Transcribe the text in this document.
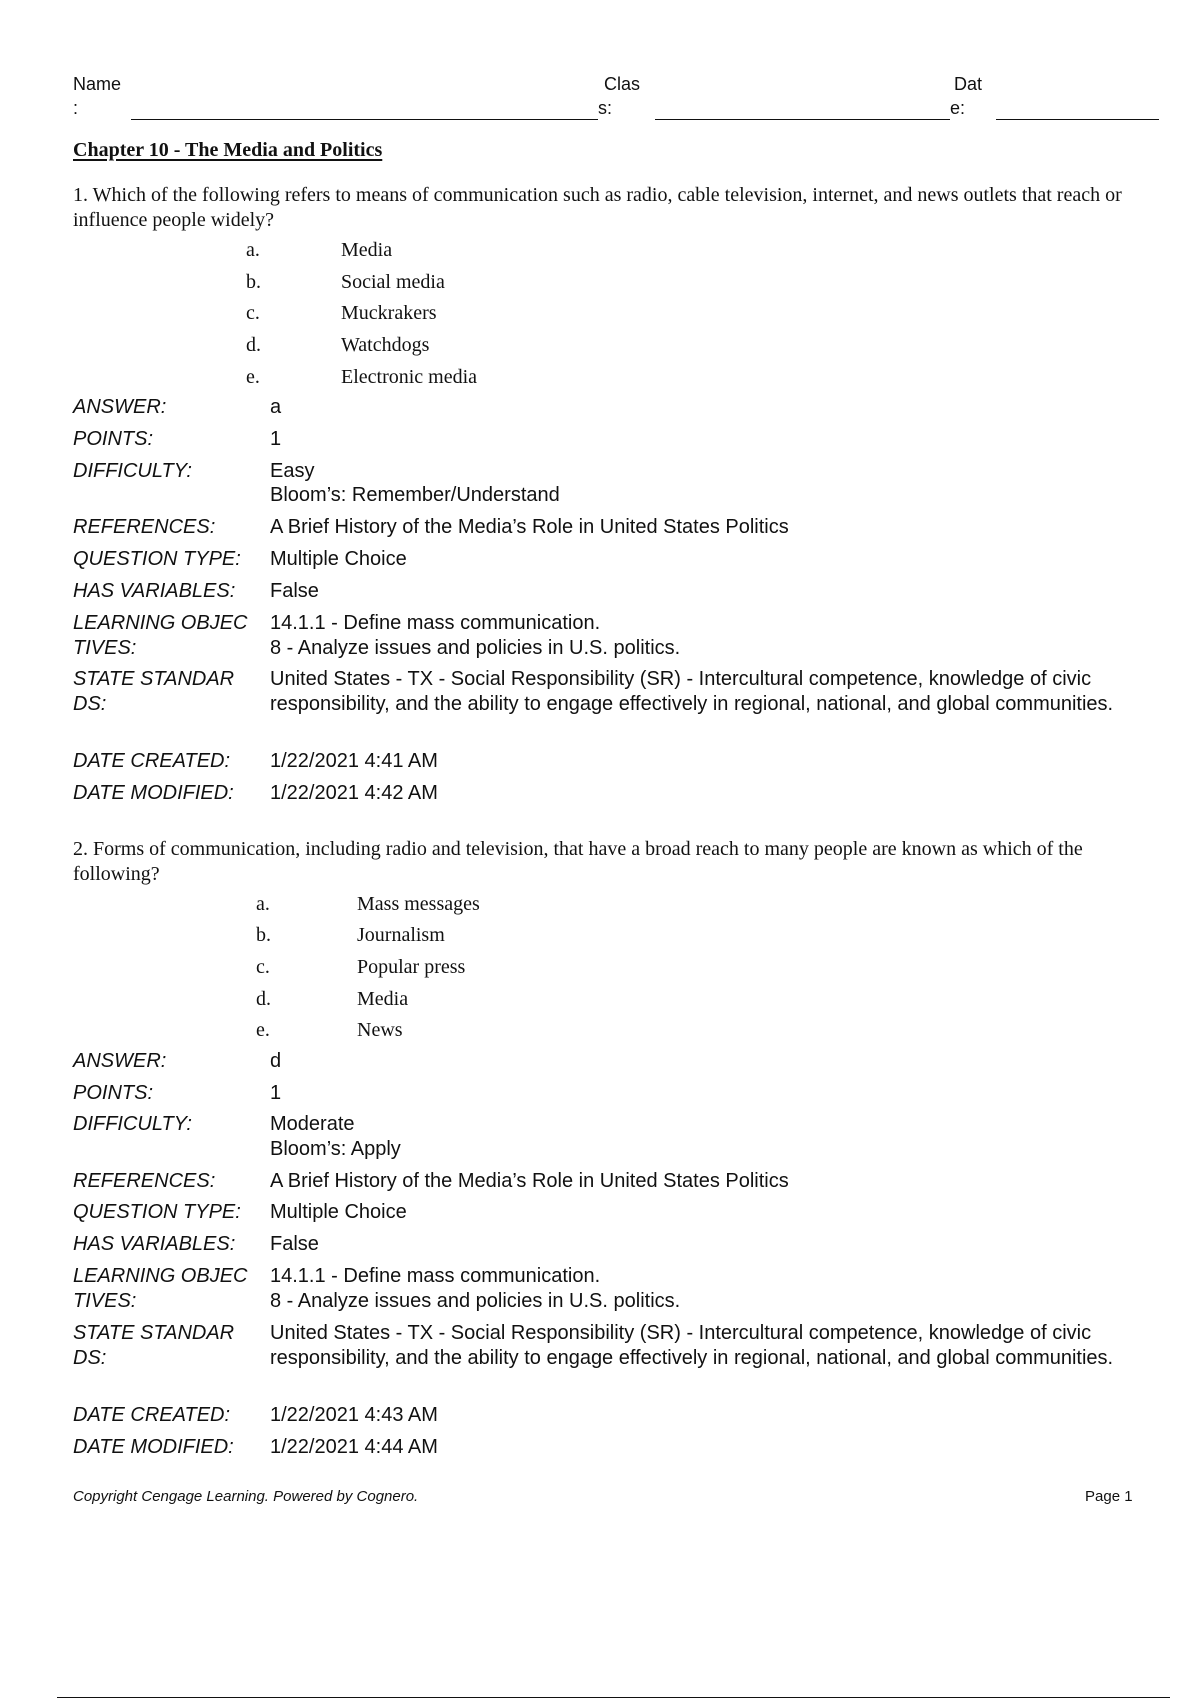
Name
:
Clas
s:
Dat
e:
Chapter 10 - The Media and Politics
1. Which of the following refers to means of communication such as radio, cable television, internet, and news outlets that reach or influence people widely?
a.	Media
b.	Social media
c.	Muckrakers
d.	Watchdogs
e.	Electronic media
ANSWER:	a
POINTS:	1
DIFFICULTY:	Easy
Bloom’s: Remember/Understand
REFERENCES:	A Brief History of the Media’s Role in United States Politics
QUESTION TYPE:	Multiple Choice
HAS VARIABLES:	False
LEARNING OBJEC	14.1.1 - Define mass communication.
TIVES:	8 - Analyze issues and policies in U.S. politics.
STATE STANDAR
DS:
United States - TX - Social Responsibility (SR) - Intercultural competence, knowledge of civic responsibility, and the ability to engage effectively in regional, national, and global communities.
DATE CREATED:	1/22/2021 4:41 AM
DATE MODIFIED:	1/22/2021 4:42 AM
2. Forms of communication, including radio and television, that have a broad reach to many people are known as which of the following?
a.	Mass messages
b.	Journalism
c.	Popular press
d.	Media
e.	News
ANSWER:	d
POINTS:	1
DIFFICULTY:	Moderate
Bloom’s: Apply
REFERENCES:	A Brief History of the Media’s Role in United States Politics
QUESTION TYPE:	Multiple Choice
HAS VARIABLES:	False
LEARNING OBJEC	14.1.1 - Define mass communication.
TIVES:	8 - Analyze issues and policies in U.S. politics.
STATE STANDAR
DS:
United States - TX - Social Responsibility (SR) - Intercultural competence, knowledge of civic responsibility, and the ability to engage effectively in regional, national, and global communities.
DATE CREATED:	1/22/2021 4:43 AM
DATE MODIFIED:	1/22/2021 4:44 AM
Copyright Cengage Learning. Powered by Cognero.	Page 1
